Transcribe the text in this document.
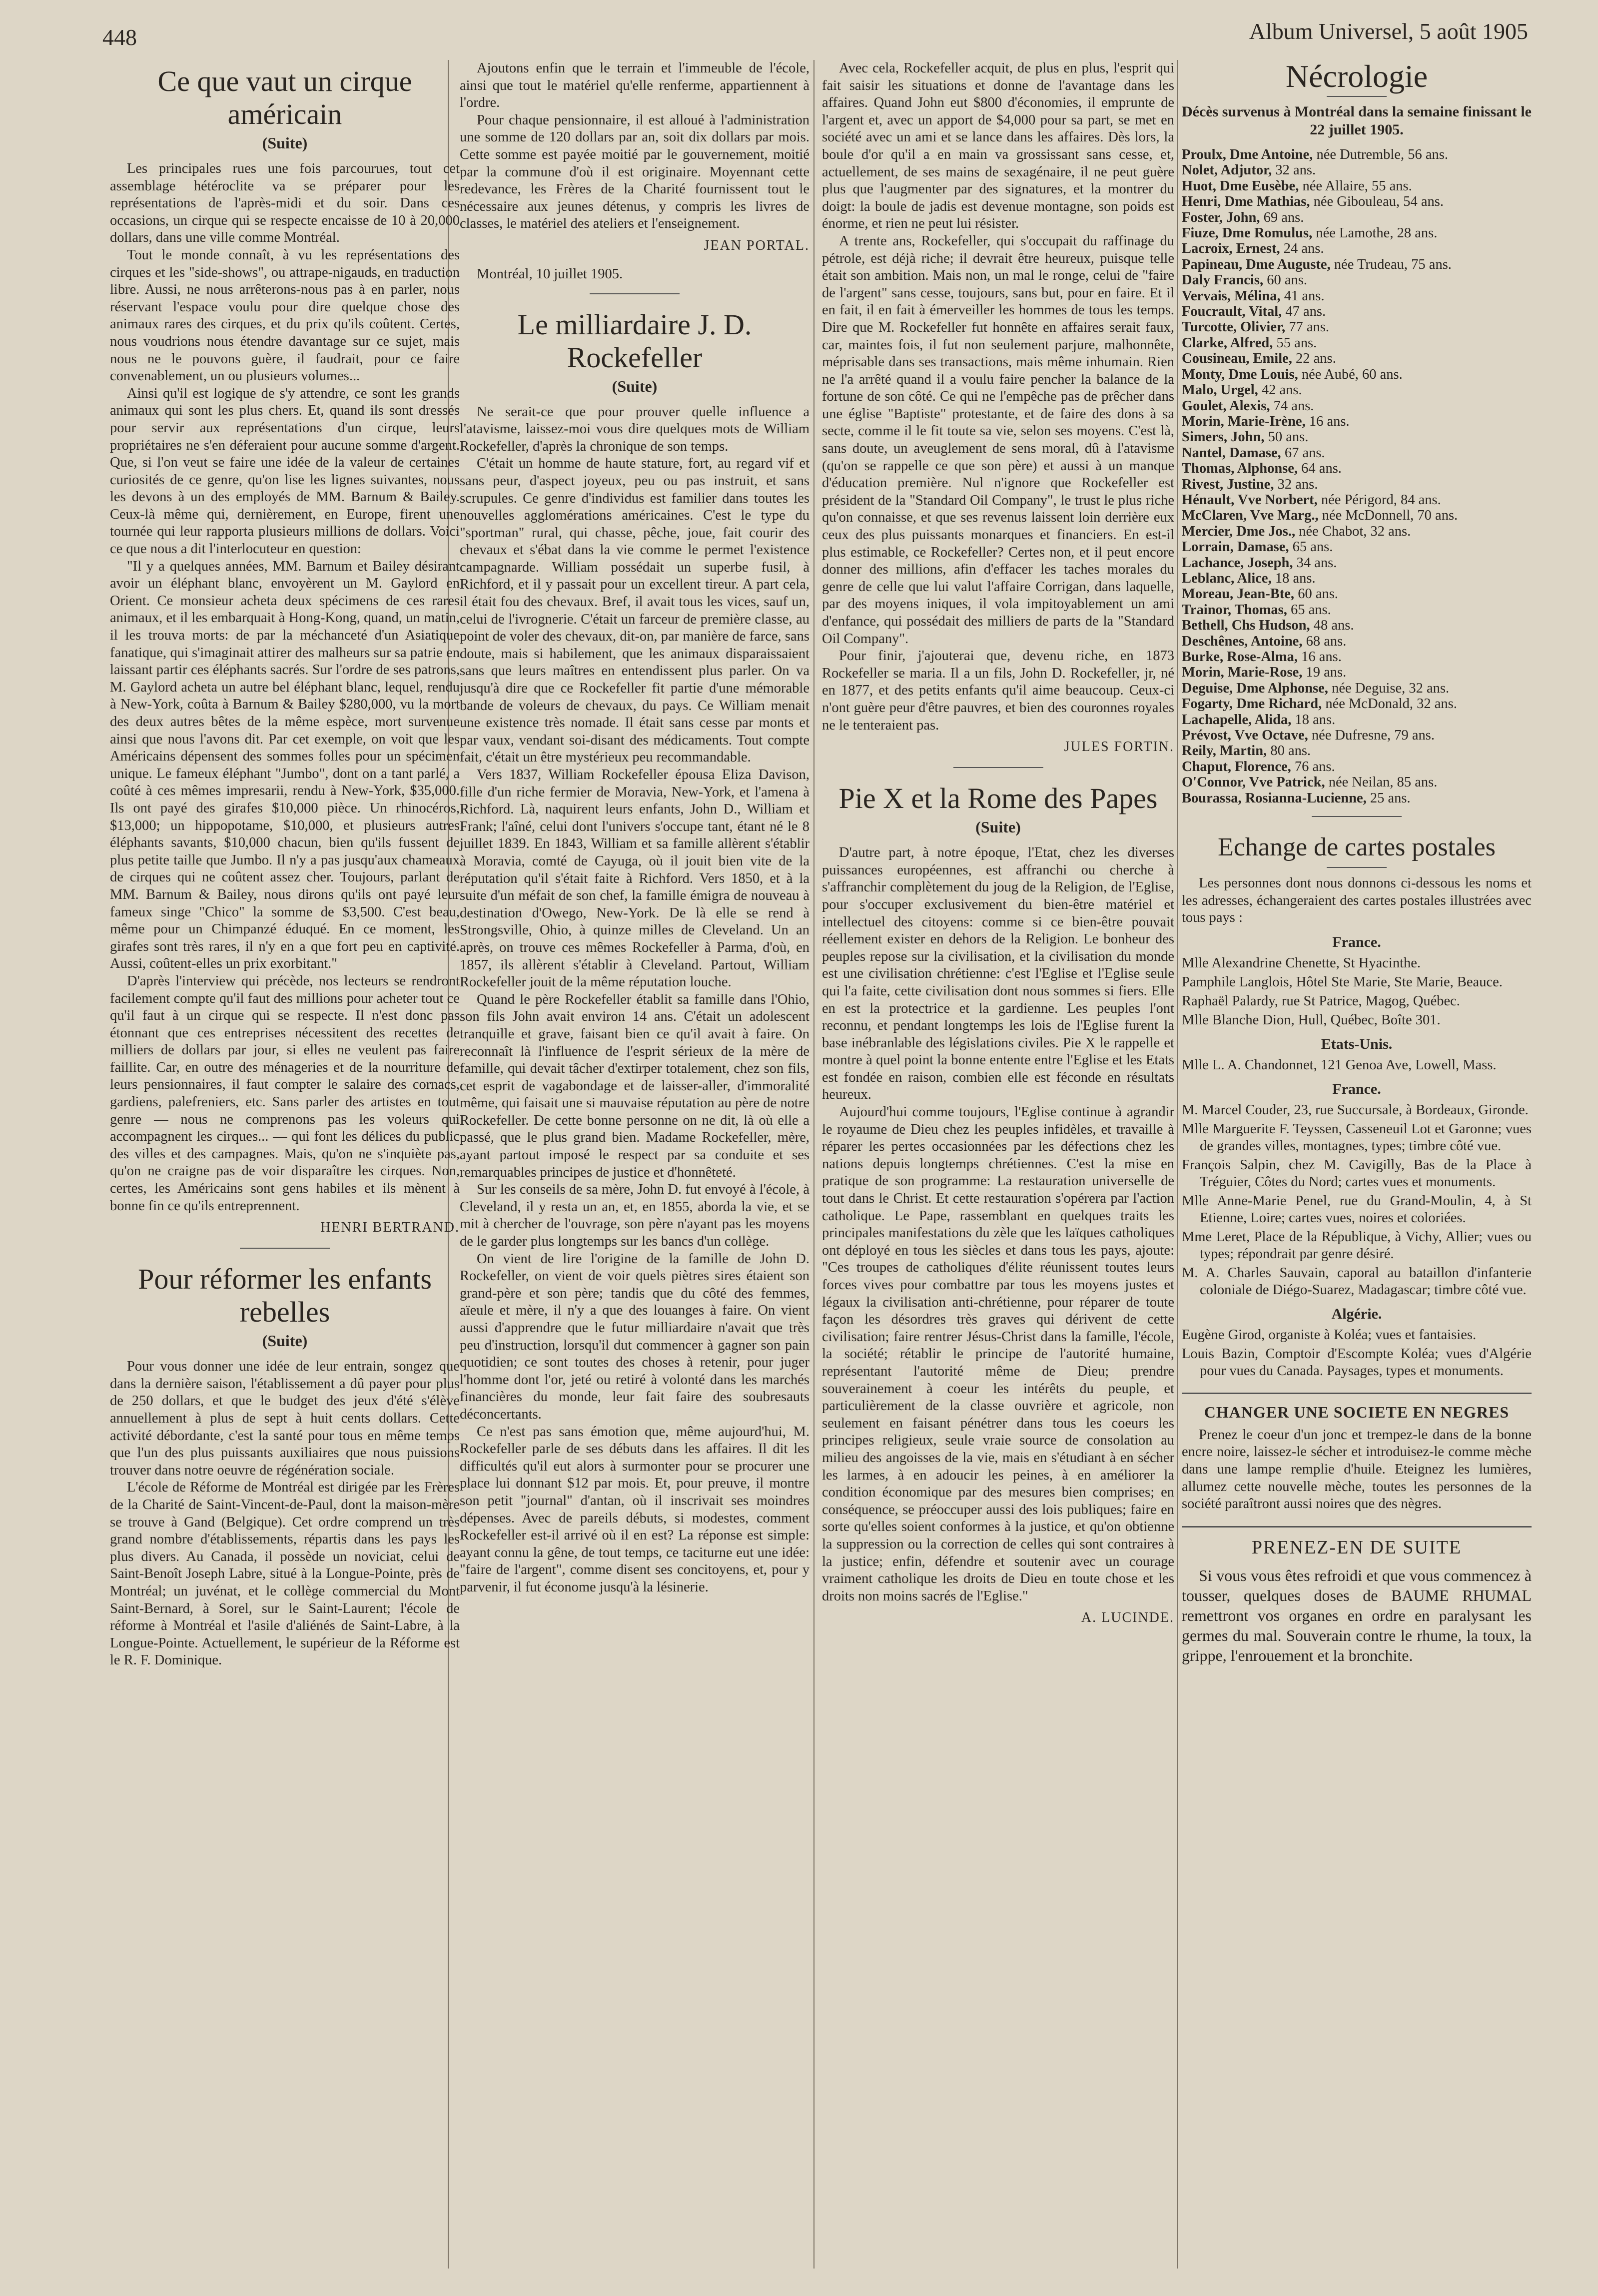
448	Album Universel, 5 août 1905
Ce que vaut un cirque américain
(Suite)

Les principales rues une fois parcourues, tout cet assemblage hétéroclite va se préparer pour les représentations de l'après-midi et du soir. Dans ces occasions, un cirque qui se respecte encaisse de 10 à 20,000 dollars, dans une ville comme Montréal.

Tout le monde connaît, à vu les représentations des cirques et les "side-shows", ou attrape-nigauds, en traduction libre. Aussi, ne nous arrêterons-nous pas à en parler, nous réservant l'espace voulu pour dire quelque chose des animaux rares des cirques, et du prix qu'ils coûtent. Certes, nous voudrions nous étendre davantage sur ce sujet, mais nous ne le pouvons guère, il faudrait, pour ce faire convenablement, un ou plusieurs volumes...

Ainsi qu'il est logique de s'y attendre, ce sont les grands animaux qui sont les plus chers. Et, quand ils sont dressés pour servir aux représentations d'un cirque, leurs propriétaires ne s'en déferaient pour aucune somme d'argent. Que, si l'on veut se faire une idée de la valeur de certaines curiosités de ce genre, qu'on lise les lignes suivantes, nous les devons à un des employés de MM. Barnum & Bailey. Ceux-là même qui, dernièrement, en Europe, firent une tournée qui leur rapporta plusieurs millions de dollars. Voici ce que nous a dit l'interlocuteur en question:

"Il y a quelques années, MM. Barnum et Bailey désirant avoir un éléphant blanc, envoyèrent un M. Gaylord en Orient. Ce monsieur acheta deux spécimens de ces rares animaux, et il les embarquait à Hong-Kong, quand, un matin, il les trouva morts: de par la méchanceté d'un Asiatique fanatique, qui s'imaginait attirer des malheurs sur sa patrie en laissant partir ces éléphants sacrés. Sur l'ordre de ses patrons, M. Gaylord acheta un autre bel éléphant blanc, lequel, rendu à New-York, coûta à Barnum & Bailey $280,000, vu la mort des deux autres bêtes de la même espèce, mort survenue ainsi que nous l'avons dit. Par cet exemple, on voit que les Américains dépensent des sommes folles pour un spécimen unique. Le fameux éléphant "Jumbo", dont on a tant parlé, a coûté à ces mêmes impresarii, rendu à New-York, $35,000. Ils ont payé des girafes $10,000 pièce. Un rhinocéros, $13,000; un hippopotame, $10,000, et plusieurs autres éléphants savants, $10,000 chacun, bien qu'ils fussent de plus petite taille que Jumbo. Il n'y a pas jusqu'aux chameaux de cirques qui ne coûtent assez cher. Toujours, parlant de MM. Barnum & Bailey, nous dirons qu'ils ont payé leur fameux singe "Chico" la somme de $3,500. C'est beau, même pour un Chimpanzé éduqué. En ce moment, les girafes sont très rares, il n'y en a que fort peu en captivité. Aussi, coûtent-elles un prix exorbitant."

D'après l'interview qui précède, nos lecteurs se rendront facilement compte qu'il faut des millions pour acheter tout ce qu'il faut à un cirque qui se respecte. Il n'est donc pas étonnant que ces entreprises nécessitent des recettes de milliers de dollars par jour, si elles ne veulent pas faire faillite. Car, en outre des ménageries et de la nourriture de leurs pensionnaires, il faut compter le salaire des cornacs, gardiens, palefreniers, etc. Sans parler des artistes en tout genre — nous ne comprenons pas les voleurs qui accompagnent les cirques... — qui font les délices du public des villes et des campagnes. Mais, qu'on ne s'inquiète pas, qu'on ne craigne pas de voir disparaître les cirques. Non, certes, les Américains sont gens habiles et ils mènent à bonne fin ce qu'ils entreprennent.

HENRI BERTRAND.
Pour réformer les enfants rebelles
(Suite)

Pour vous donner une idée de leur entrain, songez que dans la dernière saison, l'établissement a dû payer pour plus de 250 dollars, et que le budget des jeux d'été s'élève annuellement à plus de sept à huit cents dollars. Cette activité débordante, c'est la santé pour tous en même temps que l'un des plus puissants auxiliaires que nous puissions trouver dans notre oeuvre de régénération sociale.

L'école de Réforme de Montréal est dirigée par les Frères de la Charité de Saint-Vincent-de-Paul, dont la maison-mère se trouve à Gand (Belgique). Cet ordre comprend un très grand nombre d'établissements, répartis dans les pays les plus divers. Au Canada, il possède un noviciat, celui de Saint-Benoît Joseph Labre, situé à la Longue-Pointe, près de Montréal; un juvénat, et le collège commercial du Mont Saint-Bernard, à Sorel, sur le Saint-Laurent; l'école de réforme à Montréal et l'asile d'aliénés de Saint-Labre, à la Longue-Pointe. Actuellement, le supérieur de la Réforme est le R. F. Dominique.

Ajoutons enfin que le terrain et l'immeuble de l'école, ainsi que tout le matériel qu'elle renferme, appartiennent à l'ordre.

Pour chaque pensionnaire, il est alloué à l'administration une somme de 120 dollars par an, soit dix dollars par mois. Cette somme est payée moitié par le gouvernement, moitié par la commune d'où il est originaire. Moyennant cette redevance, les Frères de la Charité fournissent tout le nécessaire aux jeunes détenus, y compris les livres de classes, le matériel des ateliers et l'enseignement.

JEAN PORTAL.

Montréal, 10 juillet 1905.

Le milliardaire J. D. Rockefeller
(Suite)

Ne serait-ce que pour prouver quelle influence a l'atavisme, laissez-moi vous dire quelques mots de William Rockefeller, d'après la chronique de son temps.

C'était un homme de haute stature, fort, au regard vif et sans peur, d'aspect joyeux, peu ou pas instruit, et sans scrupules. Ce genre d'individus est familier dans toutes les nouvelles agglomérations américaines. C'est le type du "sportman" rural, qui chasse, pêche, joue, fait courir des chevaux et s'ébat dans la vie comme le permet l'existence campagnarde. William possédait un superbe fusil, à Richford, et il y passait pour un excellent tireur. A part cela, il était fou des chevaux. Bref, il avait tous les vices, sauf un, celui de l'ivrognerie. C'était un farceur de première classe, au point de voler des chevaux, dit-on, par manière de farce, sans doute, mais si habilement, que les animaux disparaissaient sans que leurs maîtres en entendissent plus parler. On va jusqu'à dire que ce Rockefeller fit partie d'une mémorable bande de voleurs de chevaux, du pays. Ce William menait une existence très nomade. Il était sans cesse par monts et par vaux, vendant soi-disant des médicaments. Tout compte fait, c'était un être mystérieux peu recommandable.

Vers 1837, William Rockefeller épousa Eliza Davison, fille d'un riche fermier de Moravia, New-York, et l'amena à Richford. Là, naquirent leurs enfants, John D., William et Frank; l'aîné, celui dont l'univers s'occupe tant, étant né le 8 juillet 1839. En 1843, William et sa famille allèrent s'établir à Moravia, comté de Cayuga, où il jouit bien vite de la réputation qu'il s'était faite à Richford. Vers 1850, et à la suite d'un méfait de son chef, la famille émigra de nouveau à destination d'Owego, New-York. De là elle se rend à Strongsville, Ohio, à quinze milles de Cleveland. Un an après, on trouve ces mêmes Rockefeller à Parma, d'où, en 1857, ils allèrent s'établir à Cleveland. Partout, William Rockefeller jouit de la même réputation louche.

Quand le père Rockefeller établit sa famille dans l'Ohio, son fils John avait environ 14 ans. C'était un adolescent tranquille et grave, faisant bien ce qu'il avait à faire. On reconnaît là l'influence de l'esprit sérieux de la mère de famille, qui devait tâcher d'extirper totalement, chez son fils, cet esprit de vagabondage et de laisser-aller, d'immoralité même, qui faisait une si mauvaise réputation au père de notre Rockefeller. De cette bonne personne on ne dit, là où elle a passé, que le plus grand bien. Madame Rockefeller, mère, ayant partout imposé le respect par sa conduite et ses remarquables principes de justice et d'honnêteté.

Sur les conseils de sa mère, John D. fut envoyé à l'école, à Cleveland, il y resta un an, et, en 1855, aborda la vie, et se mit à chercher de l'ouvrage, son père n'ayant pas les moyens de le garder plus longtemps sur les bancs d'un collège.

On vient de lire l'origine de la famille de John D. Rockefeller, on vient de voir quels piètres sires étaient son grand-père et son père; tandis que du côté des femmes, aïeule et mère, il n'y a que des louanges à faire. On vient aussi d'apprendre que le futur milliardaire n'avait que très peu d'instruction, lorsqu'il dut commencer à gagner son pain quotidien; ce sont toutes des choses à retenir, pour juger l'homme dont l'or, jeté ou retiré à volonté dans les marchés financières du monde, leur fait faire des soubresauts déconcertants.

Ce n'est pas sans émotion que, même aujourd'hui, M. Rockefeller parle de ses débuts dans les affaires. Il dit les difficultés qu'il eut alors à surmonter pour se procurer une place lui donnant $12 par mois. Et, pour preuve, il montre son petit "journal" d'antan, où il inscrivait ses moindres dépenses. Avec de pareils débuts, si modestes, comment Rockefeller est-il arrivé où il en est? La réponse est simple: ayant connu la gêne, de tout temps, ce taciturne eut une idée: "faire de l'argent", comme disent ses concitoyens, et, pour y parvenir, il fut économe jusqu'à la lésinerie.

Avec cela, Rockefeller acquit, de plus en plus, l'esprit qui fait saisir les situations et donne de l'avantage dans les affaires. Quand John eut $800 d'économies, il emprunte de l'argent et, avec un apport de $4,000 pour sa part, se met en société avec un ami et se lance dans les affaires. Dès lors, la boule d'or qu'il a en main va grossissant sans cesse, et, actuellement, de ses mains de sexagénaire, il ne peut guère plus que l'augmenter par des signatures, et la montrer du doigt: la boule de jadis est devenue montagne, son poids est énorme, et rien ne peut lui résister.

A trente ans, Rockefeller, qui s'occupait du raffinage du pétrole, est déjà riche; il devrait être heureux, puisque telle était son ambition. Mais non, un mal le ronge, celui de "faire de l'argent" sans cesse, toujours, sans but, pour en faire. Et il en fait, il en fait à émerveiller les hommes de tous les temps. Dire que M. Rockefeller fut honnête en affaires serait faux, car, maintes fois, il fut non seulement parjure, malhonnête, méprisable dans ses transactions, mais même inhumain. Rien ne l'a arrêté quand il a voulu faire pencher la balance de la fortune de son côté. Ce qui ne l'empêche pas de prêcher dans une église "Baptiste" protestante, et de faire des dons à sa secte, comme il le fit toute sa vie, selon ses moyens. C'est là, sans doute, un aveuglement de sens moral, dû à l'atavisme (qu'on se rappelle ce que son père) et aussi à un manque d'éducation première. Nul n'ignore que Rockefeller est président de la "Standard Oil Company", le trust le plus riche qu'on connaisse, et que ses revenus laissent loin derrière eux ceux des plus puissants monarques et financiers. En est-il plus estimable, ce Rockefeller? Certes non, et il peut encore donner des millions, afin d'effacer les taches morales du genre de celle que lui valut l'affaire Corrigan, dans laquelle, par des moyens iniques, il vola impitoyablement un ami d'enfance, qui possédait des milliers de parts de la "Standard Oil Company".

Pour finir, j'ajouterai que, devenu riche, en 1873 Rockefeller se maria. Il a un fils, John D. Rockefeller, jr, né en 1877, et des petits enfants qu'il aime beaucoup. Ceux-ci n'ont guère peur d'être pauvres, et bien des couronnes royales ne le tenteraient pas.

JULES FORTIN.
Pie X et la Rome des Papes
(Suite)

D'autre part, à notre époque, l'Etat, chez les diverses puissances européennes, est affranchi ou cherche à s'affranchir complètement du joug de la Religion, de l'Eglise, pour s'occuper exclusivement du bien-être matériel et intellectuel des citoyens: comme si ce bien-être pouvait réellement exister en dehors de la Religion. Le bonheur des peuples repose sur la civilisation, et la civilisation du monde est une civilisation chrétienne: c'est l'Eglise et l'Eglise seule qui l'a faite, cette civilisation dont nous sommes si fiers. Elle en est la protectrice et la gardienne. Les peuples l'ont reconnu, et pendant longtemps les lois de l'Eglise furent la base inébranlable des législations civiles. Pie X le rappelle et montre à quel point la bonne entente entre l'Eglise et les Etats est fondée en raison, combien elle est féconde en résultats heureux.

Aujourd'hui comme toujours, l'Eglise continue à agrandir le royaume de Dieu chez les peuples infidèles, et travaille à réparer les pertes occasionnées par les défections chez les nations depuis longtemps chrétiennes. C'est la mise en pratique de son programme: La restauration universelle de tout dans le Christ. Et cette restauration s'opérera par l'action catholique. Le Pape, rassemblant en quelques traits les principales manifestations du zèle que les laïques catholiques ont déployé en tous les siècles et dans tous les pays, ajoute: "Ces troupes de catholiques d'élite réunissent toutes leurs forces vives pour combattre par tous les moyens justes et légaux la civilisation anti-chrétienne, pour réparer de toute façon les désordres très graves qui dérivent de cette civilisation; faire rentrer Jésus-Christ dans la famille, l'école, la société; rétablir le principe de l'autorité humaine, représentant l'autorité même de Dieu; prendre souverainement à coeur les intérêts du peuple, et particulièrement de la classe ouvrière et agricole, non seulement en faisant pénétrer dans tous les coeurs les principes religieux, seule vraie source de consolation au milieu des angoisses de la vie, mais en s'étudiant à en sécher les larmes, à en adoucir les peines, à en améliorer la condition économique par des mesures bien comprises; en conséquence, se préoccuper aussi des lois publiques; faire en sorte qu'elles soient conformes à la justice, et qu'on obtienne la suppression ou la correction de celles qui sont contraires à la justice; enfin, défendre et soutenir avec un courage vraiment catholique les droits de Dieu en toute chose et les droits non moins sacrés de l'Eglise."

A. LUCINDE.
Nécrologie
Décès survenus à Montréal dans la semaine finissant le 22 juillet 1905.
Proulx, Dme Antoine, née Dutremble, 56 ans.
Nolet, Adjutor, 32 ans.
Huot, Dme Eusèbe, née Allaire, 55 ans.
Henri, Dme Mathias, née Gibouleau, 54 ans.
Foster, John, 69 ans.
Fiuze, Dme Romulus, née Lamothe, 28 ans.
Lacroix, Ernest, 24 ans.
Papineau, Dme Auguste, née Trudeau, 75 ans.
Daly Francis, 60 ans.
Vervais, Mélina, 41 ans.
Foucrault, Vital, 47 ans.
Turcotte, Olivier, 77 ans.
Clarke, Alfred, 55 ans.
Cousineau, Emile, 22 ans.
Monty, Dme Louis, née Aubé, 60 ans.
Malo, Urgel, 42 ans.
Goulet, Alexis, 74 ans.
Morin, Marie-Irène, 16 ans.
Simers, John, 50 ans.
Nantel, Damase, 67 ans.
Thomas, Alphonse, 64 ans.
Rivest, Justine, 32 ans.
Hénault, Vve Norbert, née Périgord, 84 ans.
McClaren, Vve Marg., née McDonnell, 70 ans.
Mercier, Dme Jos., née Chabot, 32 ans.
Lorrain, Damase, 65 ans.
Lachance, Joseph, 34 ans.
Leblanc, Alice, 18 ans.
Moreau, Jean-Bte, 60 ans.
Trainor, Thomas, 65 ans.
Bethell, Chs Hudson, 48 ans.
Deschênes, Antoine, 68 ans.
Burke, Rose-Alma, 16 ans.
Morin, Marie-Rose, 19 ans.
Deguise, Dme Alphonse, née Deguise, 32 ans.
Fogarty, Dme Richard, née McDonald, 32 ans.
Lachapelle, Alida, 18 ans.
Prévost, Vve Octave, née Dufresne, 79 ans.
Reily, Martin, 80 ans.
Chaput, Florence, 76 ans.
O'Connor, Vve Patrick, née Neilan, 85 ans.
Bourassa, Rosianna-Lucienne, 25 ans.
Echange de cartes postales

Les personnes dont nous donnons ci-dessous les noms et les adresses, échangeraient des cartes postales illustrées avec tous pays :

France.
Mlle Alexandrine Chenette, St Hyacinthe.
Pamphile Langlois, Hôtel Ste Marie, Ste Marie, Beauce.
Raphaël Palardy, rue St Patrice, Magog, Québec.
Mlle Blanche Dion, Hull, Québec, Boîte 301.
Etats-Unis.
Mlle L. A. Chandonnet, 121 Genoa Ave, Lowell, Mass.
France.
M. Marcel Couder, 23, rue Succursale, à Bordeaux, Gironde.
Mlle Marguerite F. Teyssen, Casseneuil Lot et Garonne; vues de grandes villes, montagnes, types; timbre côté vue.
François Salpin, chez M. Cavigilly, Bas de la Place à Tréguier, Côtes du Nord; cartes vues et monuments.
Mlle Anne-Marie Penel, rue du Grand-Moulin, 4, à St Etienne, Loire; cartes vues, noires et coloriées.
Mme Leret, Place de la République, à Vichy, Allier; vues ou types; répondrait par genre désiré.
M. A. Charles Sauvain, caporal au bataillon d'infanterie coloniale de Diégo-Suarez, Madagascar; timbre côté vue.
Algérie.
Eugène Girod, organiste à Koléa; vues et fantaisies.
Louis Bazin, Comptoir d'Escompte Koléa; vues d'Algérie pour vues du Canada. Paysages, types et monuments.
CHANGER UNE SOCIETE EN NEGRES

Prenez le coeur d'un jonc et trempez-le dans de la bonne encre noire, laissez-le sécher et introduisez-le comme mèche dans une lampe remplie d'huile. Eteignez les lumières, allumez cette nouvelle mèche, toutes les personnes de la société paraîtront aussi noires que des nègres.

PRENEZ-EN DE SUITE

Si vous vous êtes refroidi et que vous commencez à tousser, quelques doses de BAUME RHUMAL remettront vos organes en ordre en paralysant les germes du mal. Souverain contre le rhume, la toux, la grippe, l'enrouement et la bronchite.
